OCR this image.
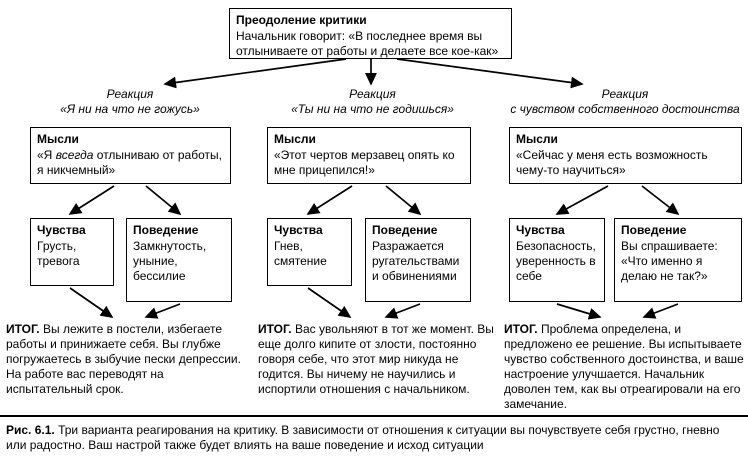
Преодоление критики
Начальник говорит: «В последнее время вы отлыниваете от работы и делаете все кое-как»
Реакция
«Я ни на что не гожусь»
Мысли
«Я всегда отлыниваю от работы, я никчемный»
Чувства
Грусть, тревога
Поведение
Замкнутость, уныние, бессилие
ИТОГ. Вы лежите в постели, избегаете работы и принижаете себя. Вы глубже погружаетесь в зыбучие пески депрессии. На работе вас переводят на испытательный срок.
Реакция
«Ты ни на что не годишься»
Мысли
«Этот чертов мерзавец опять ко мне прицепился!»
Чувства
Гнев, смятение
Поведение
Разражается ругательствами и обвинениями
ИТОГ. Вас увольняют в тот же момент. Вы еще долго кипите от злости, постоянно говоря себе, что этот мир никуда не годится. Вы ничему не научились и испортили отношения с начальником.
Реакция
с чувством собственного достоинства
Мысли
«Сейчас у меня есть возможность чему-то научиться»
Чувства
Безопасность, уверенность в себе
Поведение
Вы спрашиваете: «Что именно я делаю не так?»
ИТОГ. Проблема определена, и предложено ее решение. Вы испытываете чувство собственного достоинства, и ваше настроение улучшается. Начальник доволен тем, как вы отреагировали на его замечание.
Рис. 6.1. Три варианта реагирования на критику. В зависимости от отношения к ситуации вы почувствуете себя грустно, гневно или радостно. Ваш настрой также будет влиять на ваше поведение и исход ситуации
